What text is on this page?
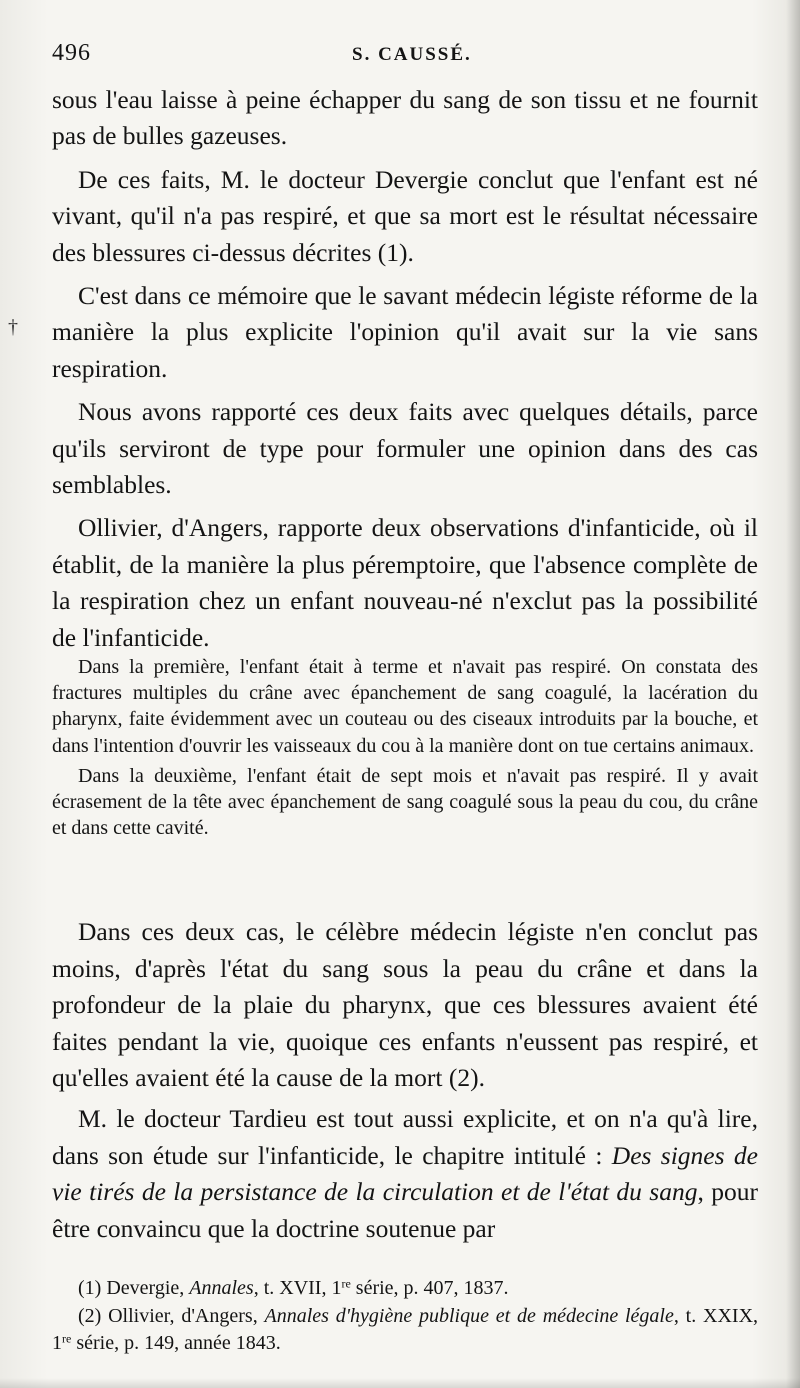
496	S. CAUSSÉ.
†

sous l'eau laisse à peine échapper du sang de son tissu et ne fournit pas de bulles gazeuses.

De ces faits, M. le docteur Devergie conclut que l'enfant est né vivant, qu'il n'a pas respiré, et que sa mort est le résultat nécessaire des blessures ci-dessus décrites (1).

C'est dans ce mémoire que le savant médecin légiste réforme de la manière la plus explicite l'opinion qu'il avait sur la vie sans respiration.

Nous avons rapporté ces deux faits avec quelques détails, parce qu'ils serviront de type pour formuler une opinion dans des cas semblables.

Ollivier, d'Angers, rapporte deux observations d'infanticide, où il établit, de la manière la plus péremptoire, que l'absence complète de la respiration chez un enfant nouveau-né n'exclut pas la possibilité de l'infanticide.

Dans la première, l'enfant était à terme et n'avait pas respiré. On constata des fractures multiples du crâne avec épanchement de sang coagulé, la lacération du pharynx, faite évidemment avec un couteau ou des ciseaux introduits par la bouche, et dans l'intention d'ouvrir les vaisseaux du cou à la manière dont on tue certains animaux.

Dans la deuxième, l'enfant était de sept mois et n'avait pas respiré. Il y avait écrasement de la tête avec épanchement de sang coagulé sous la peau du cou, du crâne et dans cette cavité.

Dans ces deux cas, le célèbre médecin légiste n'en conclut pas moins, d'après l'état du sang sous la peau du crâne et dans la profondeur de la plaie du pharynx, que ces blessures avaient été faites pendant la vie, quoique ces enfants n'eussent pas respiré, et qu'elles avaient été la cause de la mort (2).

M. le docteur Tardieu est tout aussi explicite, et on n'a qu'à lire, dans son étude sur l'infanticide, le chapitre intitulé : Des signes de vie tirés de la persistance de la circulation et de l'état du sang, pour être convaincu que la doctrine soutenue par

(1) Devergie, Annales, t. XVII, 1re série, p. 407, 1837.

(2) Ollivier, d'Angers, Annales d'hygiène publique et de médecine légale, t. XXIX, 1re série, p. 149, année 1843.
